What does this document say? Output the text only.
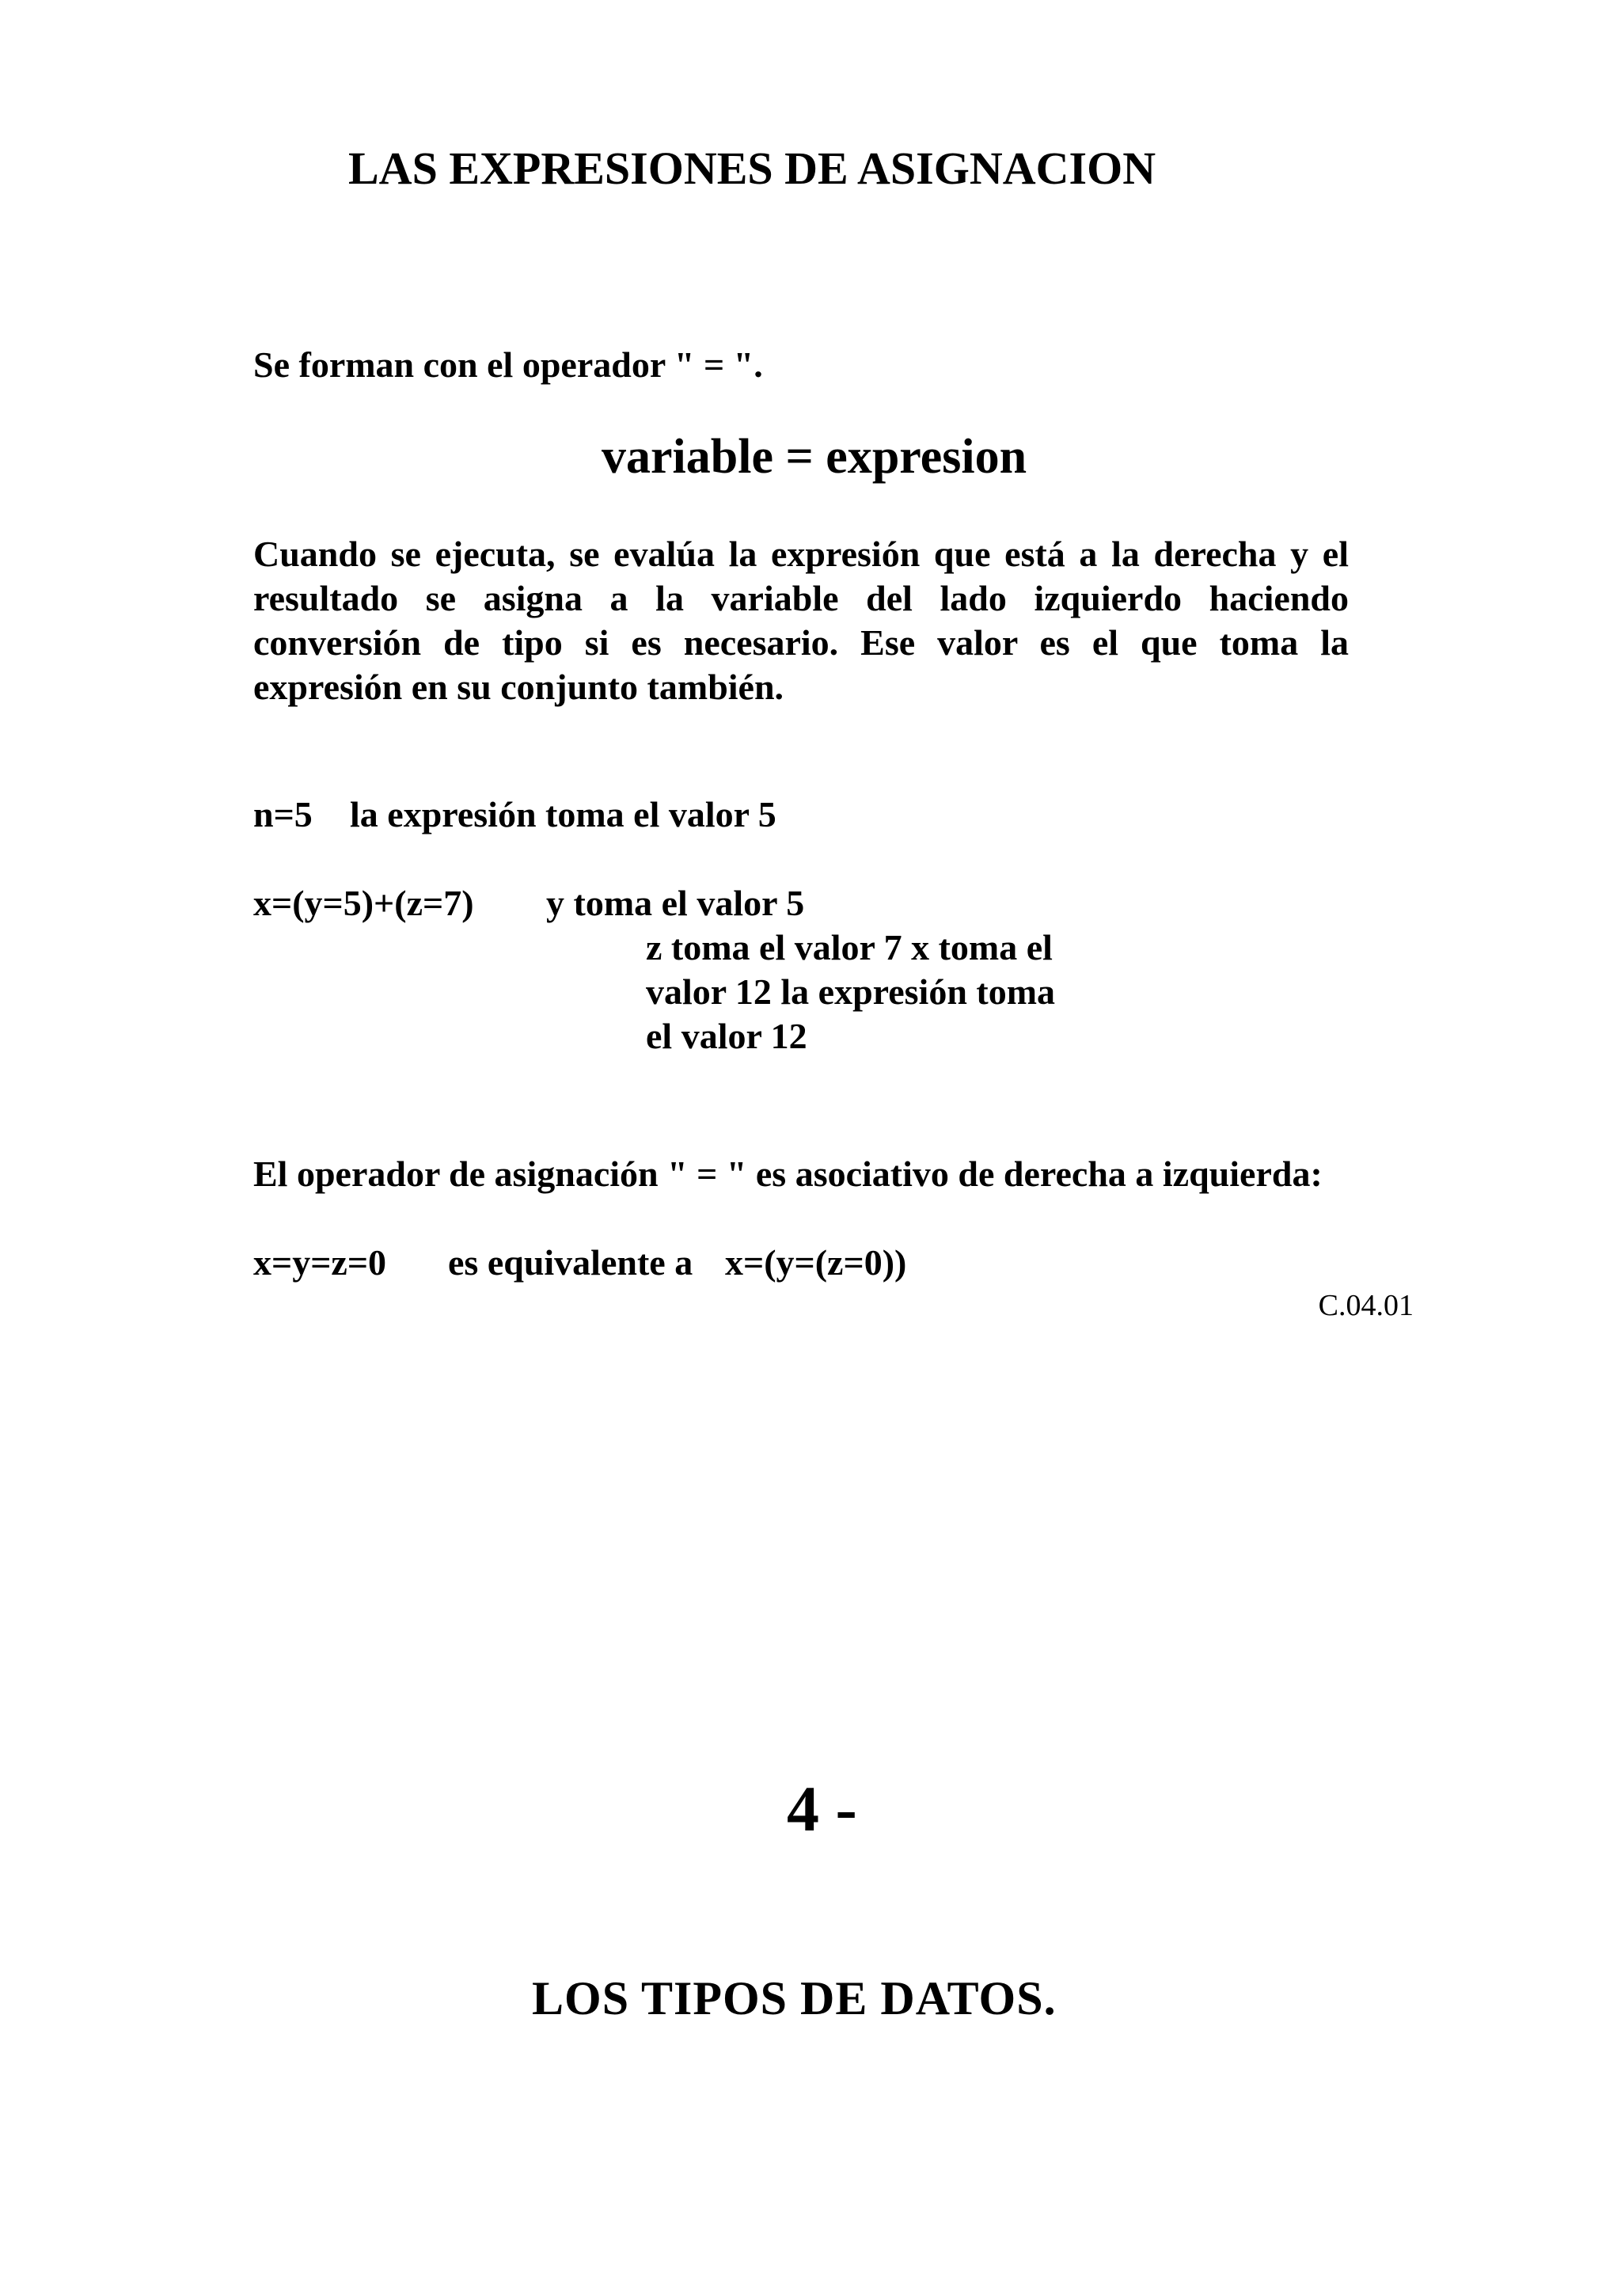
LAS EXPRESIONES DE ASIGNACION
Se forman con el operador " = ".
variable = expresion

Cuando se ejecuta, se evalúa la expresión que está a la derecha y el resultado se asigna a la variable del lado izquierdo haciendo conversión de tipo si es necesario. Ese valor es el que toma la expresión en su conjunto también.

n=5 la expresión toma el valor 5
x=(y=5)+(z=7) y toma el valor 5
z toma el valor 7 x toma el
valor 12 la expresión toma
el valor 12
El operador de asignación " = " es asociativo de derecha a izquierda:
x=y=z=0 es equivalente a x=(y=(z=0))
C.04.01
4 -
LOS TIPOS DE DATOS.
